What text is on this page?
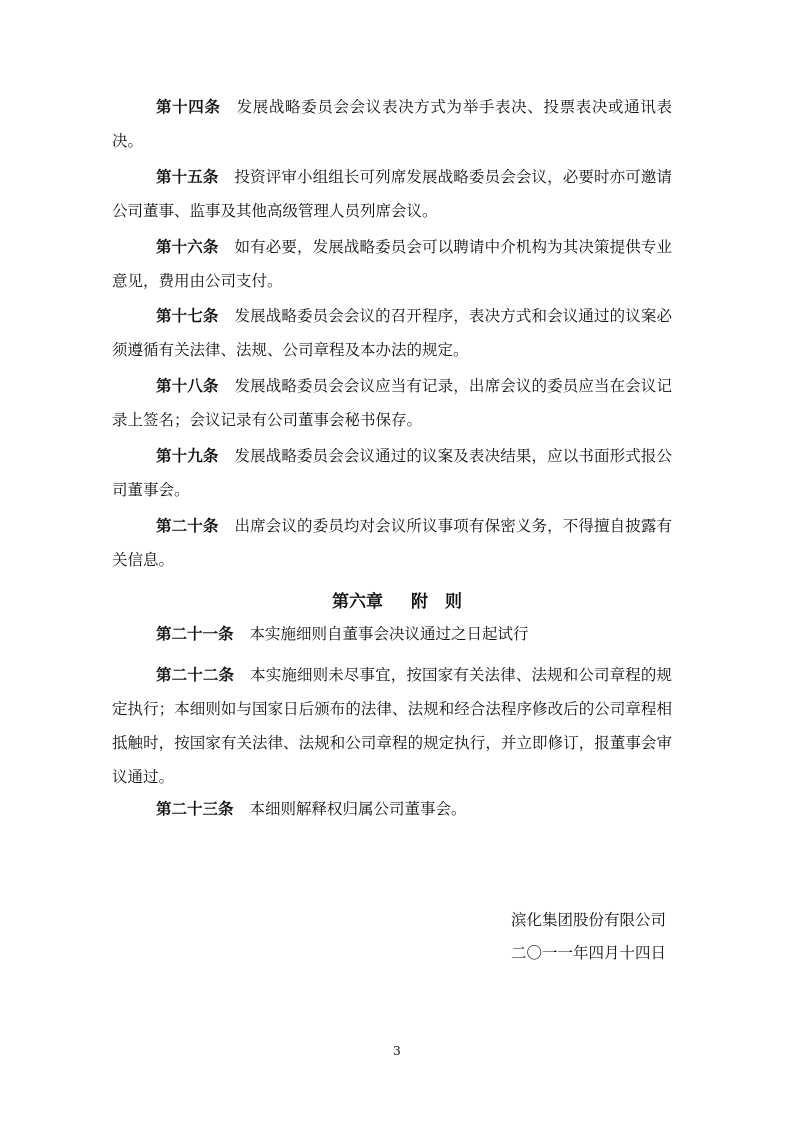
第十四条 发展战略委员会会议表决方式为举手表决、投票表决或通讯表决。

第十五条 投资评审小组组长可列席发展战略委员会会议，必要时亦可邀请公司董事、监事及其他高级管理人员列席会议。

第十六条 如有必要，发展战略委员会可以聘请中介机构为其决策提供专业意见，费用由公司支付。

第十七条 发展战略委员会会议的召开程序，表决方式和会议通过的议案必须遵循有关法律、法规、公司章程及本办法的规定。

第十八条 发展战略委员会会议应当有记录，出席会议的委员应当在会议记录上签名；会议记录有公司董事会秘书保存。

第十九条 发展战略委员会会议通过的议案及表决结果，应以书面形式报公司董事会。

第二十条 出席会议的委员均对会议所议事项有保密义务，不得擅自披露有关信息。

第六章 附　则

第二十一条 本实施细则自董事会决议通过之日起试行

第二十二条 本实施细则未尽事宜，按国家有关法律、法规和公司章程的规定执行；本细则如与国家日后颁布的法律、法规和经合法程序修改后的公司章程相抵触时，按国家有关法律、法规和公司章程的规定执行，并立即修订，报董事会审议通过。

第二十三条 本细则解释权归属公司董事会。

滨化集团股份有限公司

二〇一一年四月十四日

3
